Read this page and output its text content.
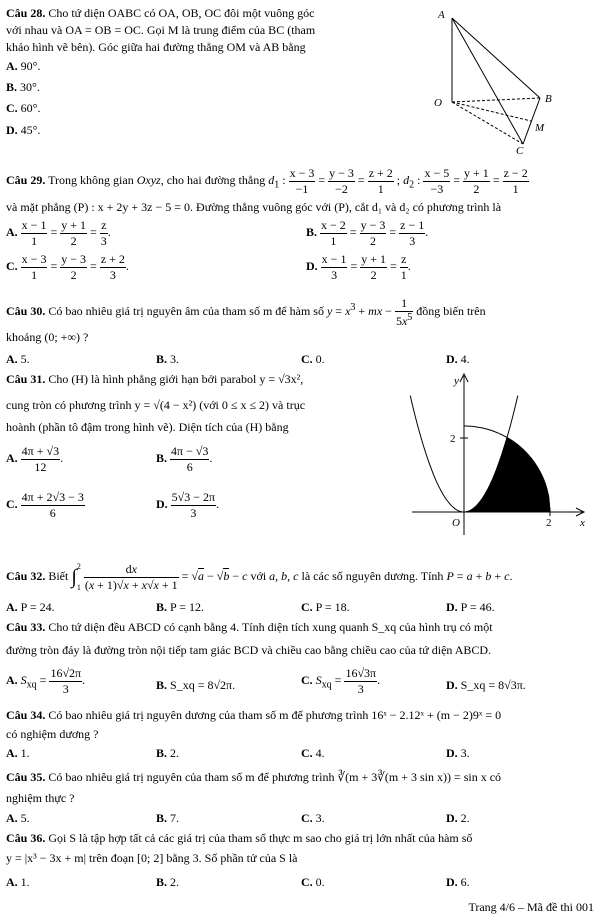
Câu 28. Cho tứ diện OABC có OA, OB, OC đôi một vuông góc
với nhau và OA = OB = OC. Gọi M là trung điểm của BC (tham
khảo hình vẽ bên). Góc giữa hai đường thẳng OM và AB bằng
A. 90°.
B. 30°.
C. 60°.
D. 45°.
A
O	B
M
C
Câu 29. Trong không gian Oxyz, cho hai đường thẳng $d_1$ : $\frac{x - 3}{-1} = \frac{y - 3}{-2} = \frac{z + 2}{1}$ ; $d_2$ : $\frac{x - 5}{-3} = \frac{y + 1}{2} = \frac{z - 2}{1}$
và mặt phẳng (P) : x + 2y + 3z − 5 = 0. Đường thẳng vuông góc với (P), cắt d₁ và d₂ có phương trình là
A. $\frac{x - 1}{1} = \frac{y + 1}{2} = \frac{z}{3}$ .	B. $\frac{x - 2}{1} = \frac{y - 3}{2} = \frac{z - 1}{3}$ .
C. $\frac{x - 3}{1} = \frac{y - 3}{2} = \frac{z + 2}{3}$ .	D. $\frac{x - 1}{3} = \frac{y + 1}{2} = \frac{z}{1}$ .
Câu 30. Có bao nhiêu giá trị nguyên âm của tham số m để hàm số $y = x^3$ + mx − $\frac{1}{5x^5}$ đồng biến trên
khoảng (0; +∞) ?
A. 5.	B. 3.	C. 0.	D. 4.
Câu 31. Cho (H) là hình phẳng giới hạn bởi parabol y = √3x²,
cung tròn có phương trình y = √(4 − x²) (với 0 ≤ x ≤ 2) và trục
hoành (phần tô đậm trong hình vẽ). Diện tích của (H) bằng
A. $\frac{4\pi + √3}{12}$ .	B. $\frac{4\pi - √3}{6}$ .
C. $\frac{4\pi + 2√3 - 3}{6}$	D. $\frac{5√3 - 2\pi}{3}$ .
y
x
2
2
O
Câu 32. Biết $\int^21 \frac{dx}{(x + 1)√x + x√x + 1} = √a - √b - c$ với a, b, c là các số nguyên dương. Tính P = a + b + c.
A. P = 24.	B. P = 12.	C. P = 18.	D. P = 46.
Câu 33. Cho tứ diện đều ABCD có cạnh bằng 4. Tính diện tích xung quanh S_xq của hình trụ có một
đường tròn đáy là đường tròn nội tiếp tam giác BCD và chiều cao bằng chiều cao của tứ diện ABCD.
A. $S_{xq} = \frac{16√2\pi}{3}$ .	B. S_xq = 8√2π.	C. $S_{xq} = \frac{16√3\pi}{3}$ .	D. S_xq = 8√3π.
Câu 34. Có bao nhiêu giá trị nguyên dương của tham số m để phương trình 16ˣ − 2.12ˣ + (m − 2)9ˣ = 0
có nghiệm dương ?
A. 1.	B. 2.	C. 4.	D. 3.
Câu 35. Có bao nhiêu giá trị nguyên của tham số m để phương trình ∛(m + 3∛(m + 3 sin x)) = sin x có
nghiệm thực ?
A. 5.	B. 7.	C. 3.	D. 2.
Câu 36. Gọi S là tập hợp tất cả các giá trị của tham số thực m sao cho giá trị lớn nhất của hàm số
y = |x³ − 3x + m| trên đoạn [0; 2] bằng 3. Số phần tử của S là
A. 1.	B. 2.	C. 0.	D. 6.
Trang 4/6 – Mã đề thi 001
